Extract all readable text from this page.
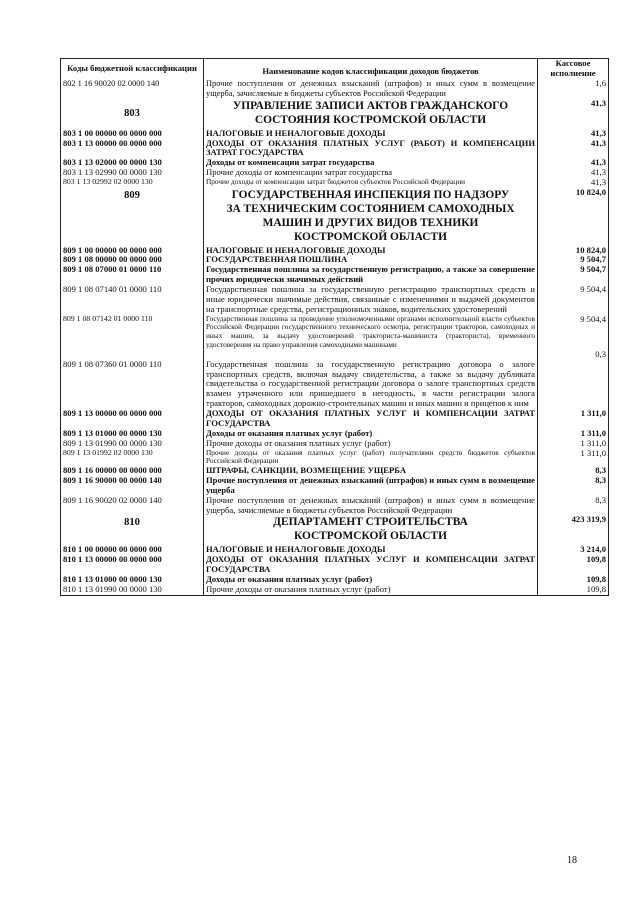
Коды бюджетной классификации	Наименование кодов классификации доходов бюджетов	Кассовое исполнение
802 1 16 90020 02 0000 140	Прочие поступления от денежных взысканий (штрафов) и иных сумм в возмещение ущерба, зачисляемые в бюджеты субъектов Российской Федерации	1,6
803	УПРАВЛЕНИЕ ЗАПИСИ АКТОВ ГРАЖДАНСКОГО СОСТОЯНИЯ КОСТРОМСКОЙ ОБЛАСТИ	41,3
803 1 00 00000 00 0000 000	НАЛОГОВЫЕ И НЕНАЛОГОВЫЕ ДОХОДЫ	41,3
803 1 13 00000 00 0000 000	ДОХОДЫ ОТ ОКАЗАНИЯ ПЛАТНЫХ УСЛУГ (РАБОТ) И КОМПЕНСАЦИИ ЗАТРАТ ГОСУДАРСТВА	41,3
803 1 13 02000 00 0000 130	Доходы от компенсации затрат государства	41,3
803 1 13 02990 00 0000 130	Прочие доходы от компенсации затрат государства	41,3
803 1 13 02992 02 0000 130	Прочие доходы от компенсации затрат бюджетов субъектов Российской Федерации	41,3
809	ГОСУДАРСТВЕННАЯ ИНСПЕКЦИЯ ПО НАДЗОРУ ЗА ТЕХНИЧЕСКИМ СОСТОЯНИЕМ САМОХОДНЫХ МАШИН И ДРУГИХ ВИДОВ ТЕХНИКИ КОСТРОМСКОЙ ОБЛАСТИ	10 824,0
809 1 00 00000 00 0000 000	НАЛОГОВЫЕ И НЕНАЛОГОВЫЕ ДОХОДЫ	10 824,0
809 1 08 00000 00 0000 000	ГОСУДАРСТВЕННАЯ ПОШЛИНА	9 504,7
809 1 08 07000 01 0000 110	Государственная пошлина за государственную регистрацию, а также за совершение прочих юридически значимых действий	9 504,7
809 1 08 07140 01 0000 110	Государственная пошлина за государственную регистрацию транспортных средств и иные юридически значимые действия, связанные с изменениями и выдачей документов на транспортные средства, регистрационных знаков, водительских удостоверений	9 504,4
809 1 08 07142 01 0000 110	Государственная пошлина за проведение уполномоченными органами исполнительной власти субъектов Российской Федерации государственного технического осмотра, регистрации тракторов, самоходных и иных машин, за выдачу удостоверений тракториста-машиниста (тракториста), временного удостоверения на право управления самоходными машинами	9 504,4
809 1 08 07360 01 0000 110	Государственная пошлина за государственную регистрацию договора о залоге транспортных средств, включая выдачу свидетельства, а также за выдачу дубликата свидетельства о государственной регистрации договора о залоге транспортных средств взамен утраченного или пришедшего в негодность, в части регистрации залога тракторов, самоходных дорожно-строительных машин и иных машин и прицепов к ним	0,3
809 1 13 00000 00 0000 000	ДОХОДЫ ОТ ОКАЗАНИЯ ПЛАТНЫХ УСЛУГ И КОМПЕНСАЦИИ ЗАТРАТ ГОСУДАРСТВА	1 311,0
809 1 13 01000 00 0000 130	Доходы от оказания платных услуг (работ)	1 311,0
809 1 13 01990 00 0000 130	Прочие доходы от оказания платных услуг (работ)	1 311,0
809 1 13 01992 02 0000 130	Прочие доходы от оказания платных услуг (работ) получателями средств бюджетов субъектов Российской Федерации	1 311,0
809 1 16 00000 00 0000 000	ШТРАФЫ, САНКЦИИ, ВОЗМЕЩЕНИЕ УЩЕРБА	8,3
809 1 16 90000 00 0000 140	Прочие поступления от денежных взысканий (штрафов) и иных сумм в возмещение ущерба	8,3
809 1 16 90020 02 0000 140	Прочие поступления от денежных взысканий (штрафов) и иных сумм в возмещение ущерба, зачисляемые в бюджеты субъектов Российской Федерации	8,3
810	ДЕПАРТАМЕНТ СТРОИТЕЛЬСТВА КОСТРОМСКОЙ ОБЛАСТИ	423 319,9
810 1 00 00000 00 0000 000	НАЛОГОВЫЕ И НЕНАЛОГОВЫЕ ДОХОДЫ	3 214,0
810 1 13 00000 00 0000 000	ДОХОДЫ ОТ ОКАЗАНИЯ ПЛАТНЫХ УСЛУГ И КОМПЕНСАЦИИ ЗАТРАТ ГОСУДАРСТВА	109,8
810 1 13 01000 00 0000 130	Доходы от оказания платных услуг (работ)	109,8
810 1 13 01990 00 0000 130	Прочие доходы от оказания платных услуг (работ)	109,8
18
